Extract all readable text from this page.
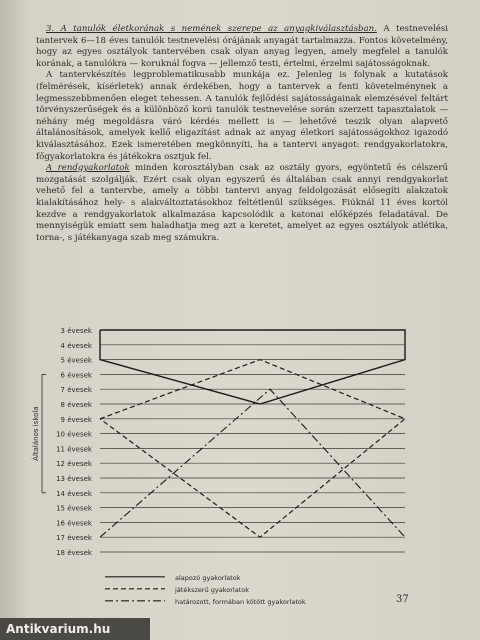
3. A tanulók életkorának s nemének szerepe az anyagkiválasztásban. A testnevelési tantervek 6—18 éves tanulók testnevelési órájának anyagát tartalmazza. Fontos követelmény, hogy az egyes osztályok tantervében csak olyan anyag legyen, amely megfelel a tanulók korának, a tanulókra — koruknál fogva — jellemző testi, értelmi, érzelmi sajátosságoknak.

A tantervkészítés legproblematikusabb munkája ez. Jelenleg is folynak a kutatások (felmérések, kísérletek) annak érdekében, hogy a tantervek a fenti követelménynek a legmesszebbmenően eleget tehessen. A tanulók fejlődési sajátosságainak elemzésével feltárt törvényszerűségek és a különböző korú tanulók testnevelése során szerzett tapasztalatok — néhány még megoldásra váró kérdés mellett is — lehetővé teszik olyan alapvető általánosítások, amelyek kellő eligazítást adnak az anyag életkori sajátosságokhoz igazodó kiválasztásához. Ezek ismeretében megkönnyíti, ha a tantervi anyagot: rendgyakorlatokra, főgyakorlatokra és játékokra osztjuk fel.

A rendgyakorlatok minden korosztályban csak az osztály gyors, egyöntetű és célszerű mozgatását szolgálják. Ezért csak olyan egyszerű és általában csak annyi rendgyakorlat vehető fel a tantervbe, amely a többi tantervi anyag feldolgozását elősegíti alakzatok kialakításához hely- s alakváltoztatásokhoz feltétlenül szükséges. Fiúknál 11 éves kortól kezdve a rendgyakorlatok alkalmazása kapcsolódik a katonai előképzés feladatával. De mennyiségük emiatt sem haladhatja meg azt a keretet, amelyet az egyes osztályok atlétika, torna-, s játékanyaga szab meg számukra.

3 évesek
4 évesek
5 évesek
6 évesek
7 évesek
8 évesek
9 évesek
10 évesek
11 évesek
12 évesek
13 évesek
14 évesek
15 évesek
16 évesek
17 évesek
18 évesek
Általános iskola
alapozó gyakorlatok
játékszerű gyakorlatok
határozott, formában kötött gyakorlatok	37
Antikvarium.hu
